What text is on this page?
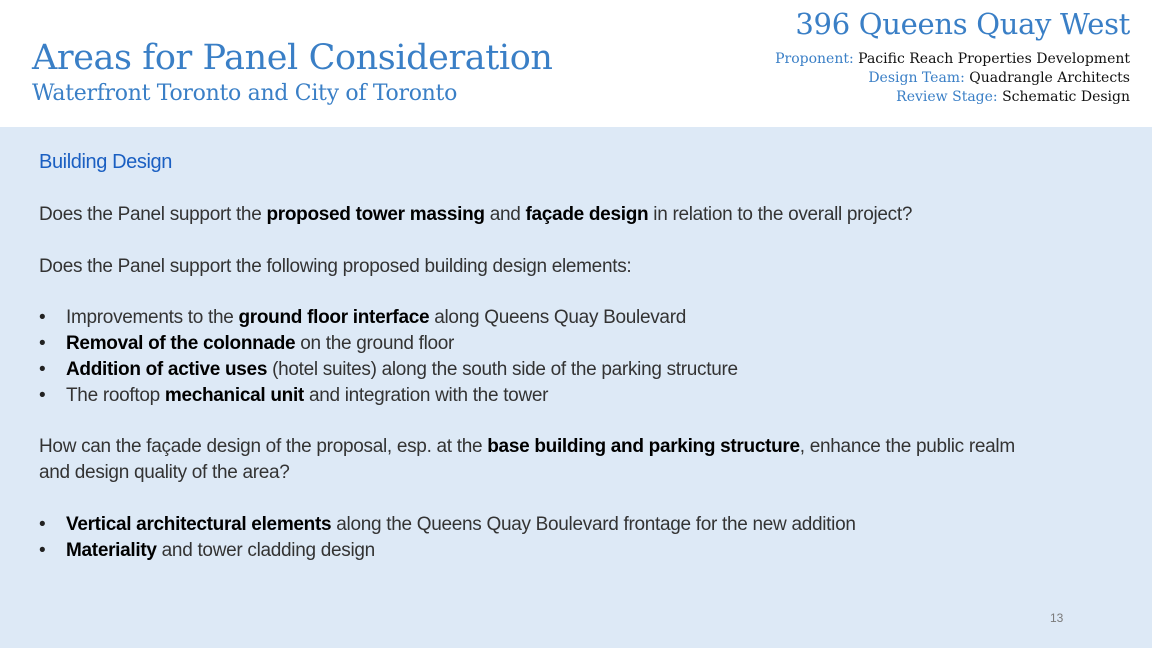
Areas for Panel Consideration
Waterfront Toronto and City of Toronto
396 Queens Quay West
Proponent: Pacific Reach Properties Development
Design Team: Quadrangle Architects
Review Stage: Schematic Design
Building Design
Does the Panel support the proposed tower massing and façade design in relation to the overall project?
Does the Panel support the following proposed building design elements:
• Improvements to the ground floor interface along Queens Quay Boulevard
• Removal of the colonnade on the ground floor
• Addition of active uses (hotel suites) along the south side of the parking structure
• The rooftop mechanical unit and integration with the tower
How can the façade design of the proposal, esp. at the base building and parking structure, enhance the public realm
and design quality of the area?
• Vertical architectural elements along the Queens Quay Boulevard frontage for the new addition
• Materiality and tower cladding design
13
